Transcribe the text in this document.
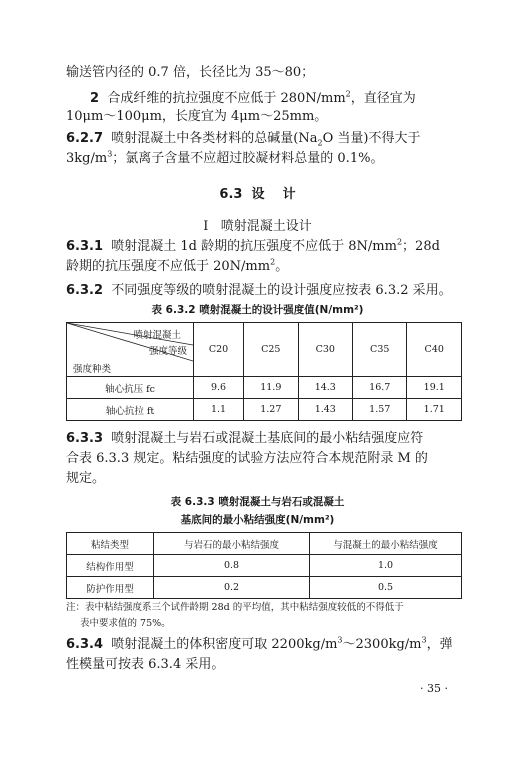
输送管内径的 0.7 倍，长径比为 35～80；
2 合成纤维的抗拉强度不应低于 $280N/mm^2$，直径宜为
10μm～100μm，长度宜为 4μm～25mm。
6.2.7 喷射混凝土中各类材料的总碱量($Na_2O$ 当量)不得大于
$3kg/m^3$；氯离子含量不应超过胶凝材料总量的 0.1%。
6.3  设    计
Ⅰ 喷射混凝土设计
6.3.1 喷射混凝土 1d 龄期的抗压强度不应低于 $8N/mm^2$；28d
龄期的抗压强度不应低于 $20N/mm^2$。
6.3.2 不同强度等级的喷射混凝土的设计强度应按表 6.3.2 采用。
表 6.3.2 喷射混凝土的设计强度值(N/mm²)
喷射混凝土
强度等级
强度种类	C20	C25	C30	C35	C40
轴心抗压 fc	9.6	11.9	14.3	16.7	19.1
轴心抗拉 ft	1.1	1.27	1.43	1.57	1.71
6.3.3 喷射混凝土与岩石或混凝土基底间的最小粘结强度应符
合表 6.3.3 规定。粘结强度的试验方法应符合本规范附录 M 的
规定。
表 6.3.3 喷射混凝土与岩石或混凝土
基底间的最小粘结强度(N/mm²)
粘结类型	与岩石的最小粘结强度	与混凝土的最小粘结强度
结构作用型	0.8	1.0
防护作用型	0.2	0.5
注：表中粘结强度系三个试件龄期 28d 的平均值，其中粘结强度较低的不得低于
表中要求值的 75%。
6.3.4 喷射混凝土的体积密度可取 $2200kg/m^3\sim 2300kg/m^3$，弹
性模量可按表 6.3.4 采用。
· 35 ·
